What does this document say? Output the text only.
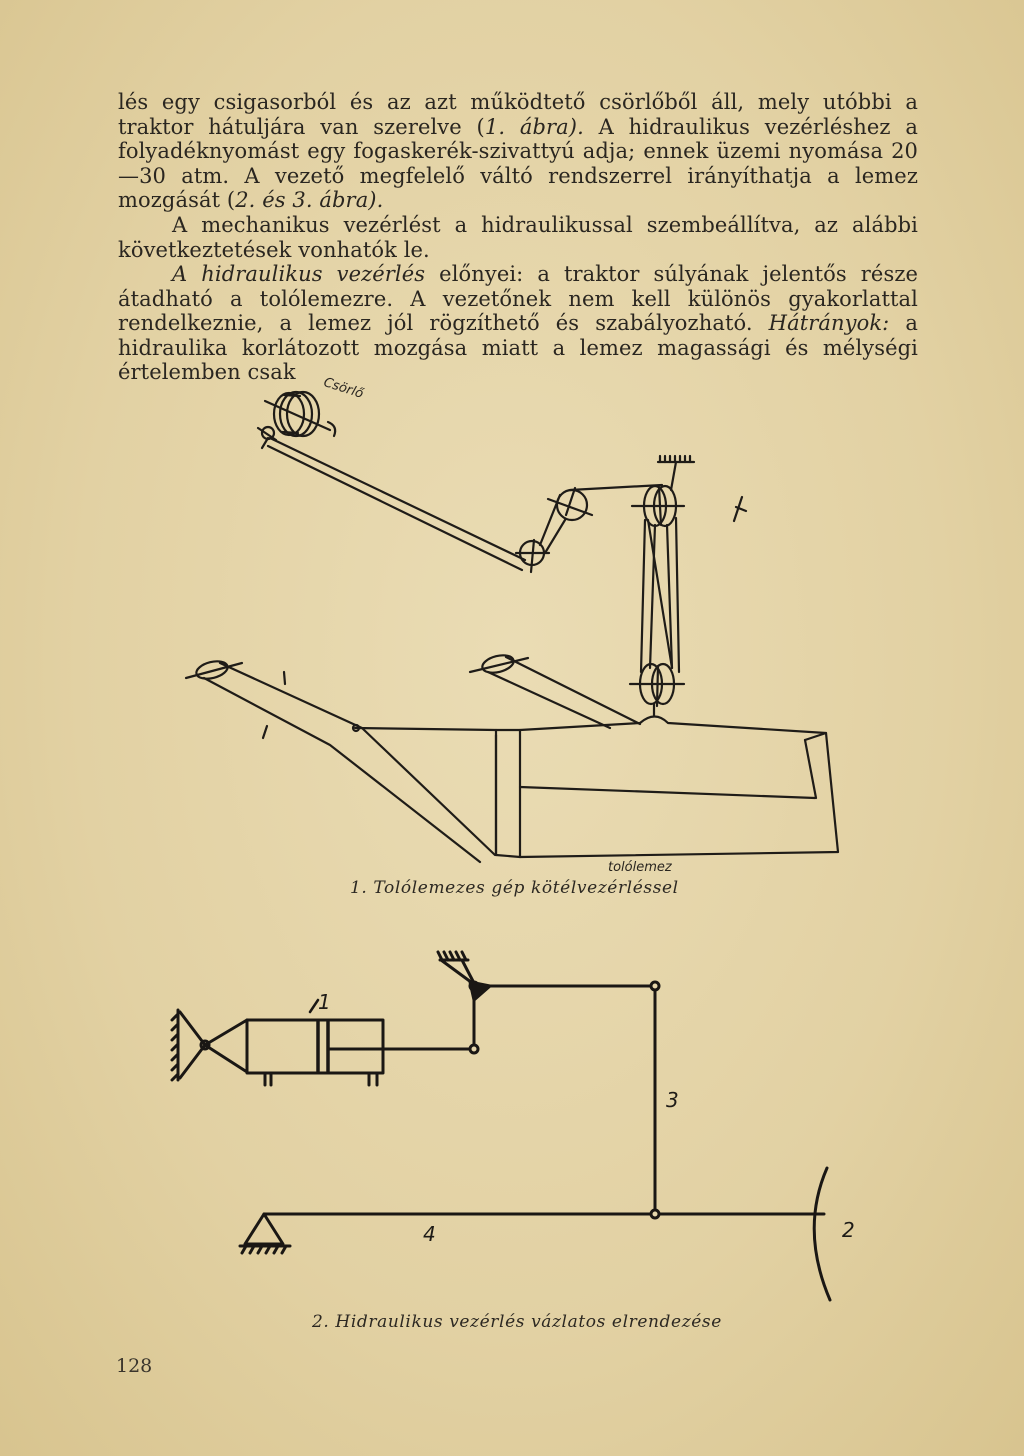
lés egy csigasorból és az azt működtető csörlőből áll, mely utóbbi a traktor hátuljára van szerelve (1. ábra). A hidraulikus vezérléshez a folyadéknyomást egy fogaskerék-szivattyú adja; ennek üzemi nyomása 20—30 atm. A vezető megfelelő váltó rendszerrel irányíthatja a lemez mozgását (2. és 3. ábra).
A mechanikus vezérlést a hidraulikussal szembeállítva, az alábbi következtetések vonhatók le.
A hidraulikus vezérlés előnyei: a traktor súlyának jelentős része átadható a tolólemezre. A vezetőnek nem kell különös gyakorlattal rendelkeznie, a lemez jól rögzíthető és szabályozható. Hátrányok: a hidraulika korlátozott mozgása miatt a lemez magassági és mélységi értelemben csak
Csörlő
tolólemez
1. Tolólemezes gép kötélvezérléssel
1
3
4	2
2. Hidraulikus vezérlés vázlatos elrendezése
128
